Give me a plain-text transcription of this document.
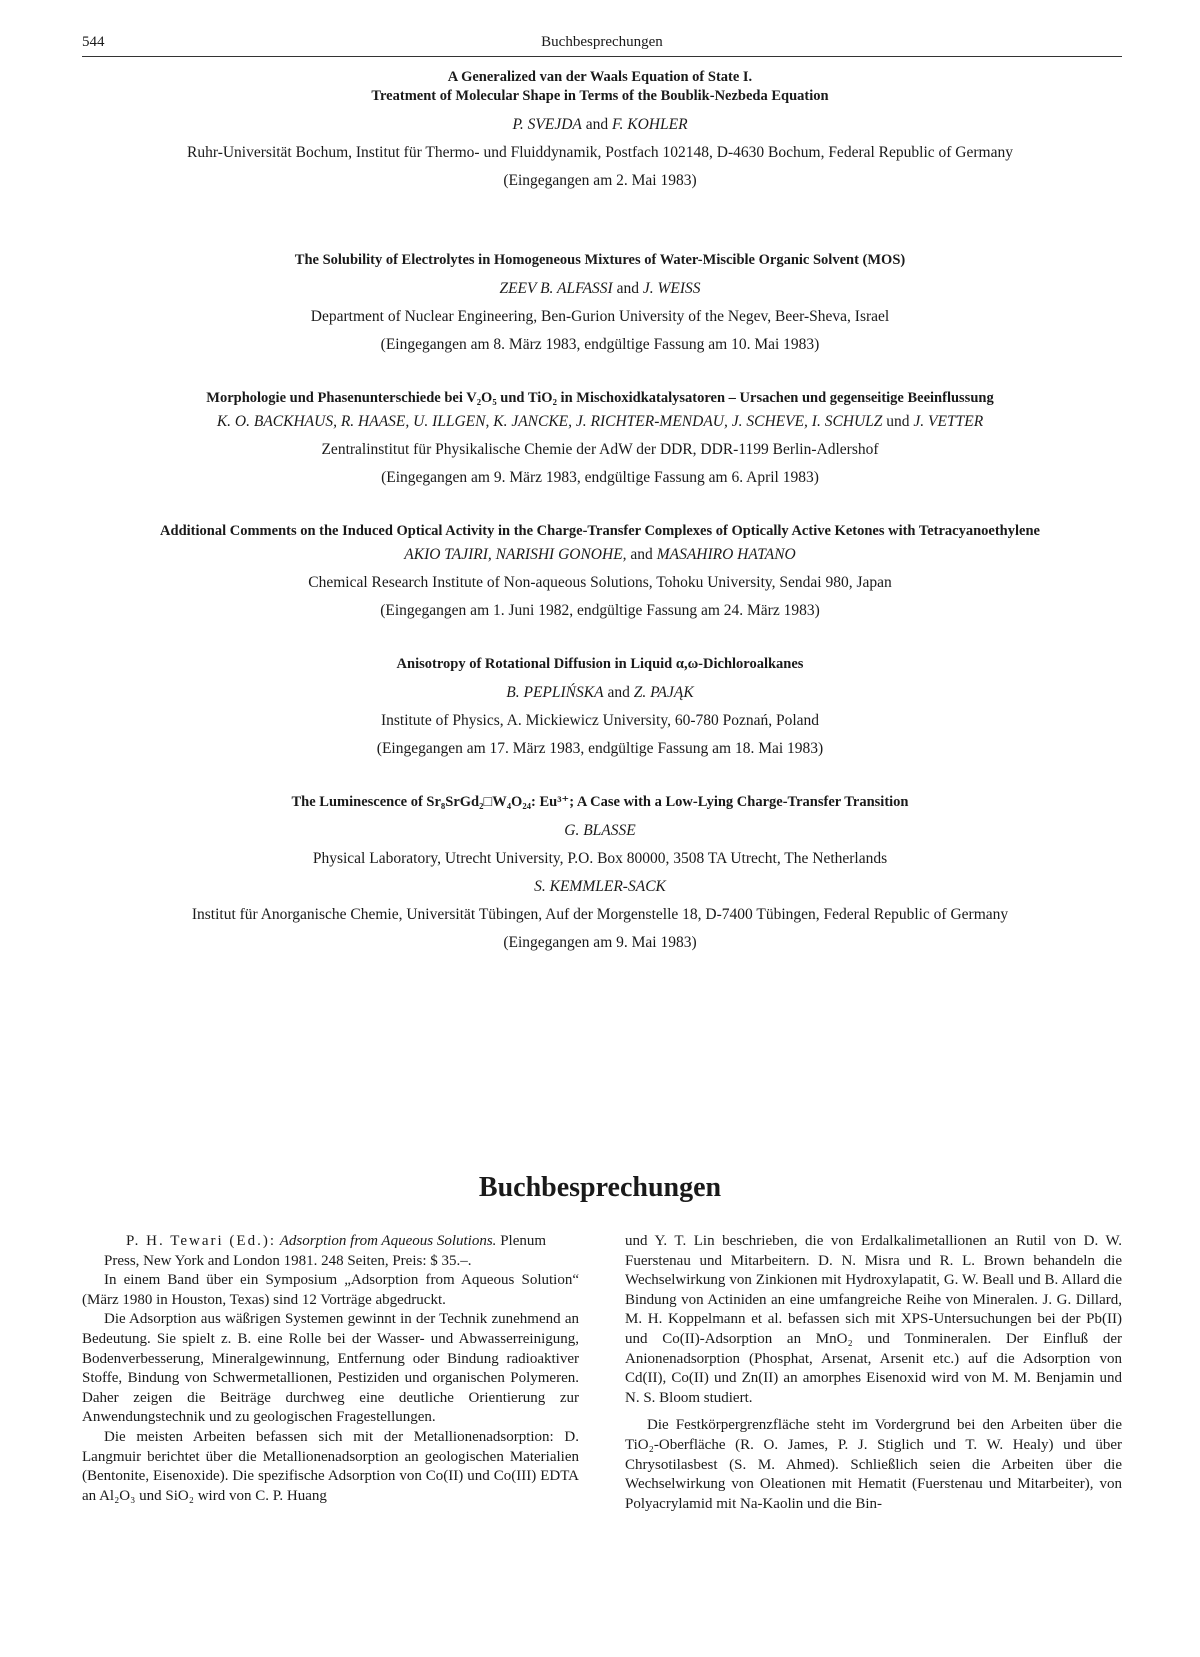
544	Buchbesprechungen
A Generalized van der Waals Equation of State I.
Treatment of Molecular Shape in Terms of the Boublik-Nezbeda Equation
P. SVEJDA and F. KOHLER
Ruhr-Universität Bochum, Institut für Thermo- und Fluiddynamik, Postfach 102148, D-4630 Bochum, Federal Republic of Germany
(Eingegangen am 2. Mai 1983)
The Solubility of Electrolytes in Homogeneous Mixtures of Water-Miscible Organic Solvent (MOS)
ZEEV B. ALFASSI and J. WEISS
Department of Nuclear Engineering, Ben-Gurion University of the Negev, Beer-Sheva, Israel
(Eingegangen am 8. März 1983, endgültige Fassung am 10. Mai 1983)
Morphologie und Phasenunterschiede bei V₂O₅ und TiO₂ in Mischoxidkatalysatoren – Ursachen und gegenseitige Beeinflussung
K. O. BACKHAUS, R. HAASE, U. ILLGEN, K. JANCKE, J. RICHTER-MENDAU, J. SCHEVE, I. SCHULZ und J. VETTER
Zentralinstitut für Physikalische Chemie der AdW der DDR, DDR-1199 Berlin-Adlershof
(Eingegangen am 9. März 1983, endgültige Fassung am 6. April 1983)
Additional Comments on the Induced Optical Activity in the Charge-Transfer Complexes of Optically Active Ketones with Tetracyanoethylene
AKIO TAJIRI, NARISHI GONOHE, and MASAHIRO HATANO
Chemical Research Institute of Non-aqueous Solutions, Tohoku University, Sendai 980, Japan
(Eingegangen am 1. Juni 1982, endgültige Fassung am 24. März 1983)
Anisotropy of Rotational Diffusion in Liquid α,ω-Dichloroalkanes
B. PEPLIŃSKA and Z. PAJĄK
Institute of Physics, A. Mickiewicz University, 60-780 Poznań, Poland
(Eingegangen am 17. März 1983, endgültige Fassung am 18. Mai 1983)
The Luminescence of Sr₈SrGd₂□W₄O₂₄: Eu³⁺; A Case with a Low-Lying Charge-Transfer Transition
G. BLASSE
Physical Laboratory, Utrecht University, P.O. Box 80000, 3508 TA Utrecht, The Netherlands
S. KEMMLER-SACK
Institut für Anorganische Chemie, Universität Tübingen, Auf der Morgenstelle 18, D-7400 Tübingen, Federal Republic of Germany
(Eingegangen am 9. Mai 1983)
Buchbesprechungen

P. H. Tewari (Ed.): Adsorption from Aqueous Solutions. Plenum Press, New York and London 1981. 248 Seiten, Preis: $ 35.–.

In einem Band über ein Symposium „Adsorption from Aqueous Solution“ (März 1980 in Houston, Texas) sind 12 Vorträge abgedruckt.

Die Adsorption aus wäßrigen Systemen gewinnt in der Technik zunehmend an Bedeutung. Sie spielt z. B. eine Rolle bei der Wasser- und Abwasserreinigung, Bodenverbesserung, Mineralgewinnung, Entfernung oder Bindung radioaktiver Stoffe, Bindung von Schwermetallionen, Pestiziden und organischen Polymeren. Daher zeigen die Beiträge durchweg eine deutliche Orientierung zur Anwendungstechnik und zu geologischen Fragestellungen.

Die meisten Arbeiten befassen sich mit der Metallionenadsorption: D. Langmuir berichtet über die Metallionenadsorption an geologischen Materialien (Bentonite, Eisenoxide). Die spezifische Adsorption von Co(II) und Co(III) EDTA an Al₂O₃ und SiO₂ wird von C. P. Huang

und Y. T. Lin beschrieben, die von Erdalkalimetallionen an Rutil von D. W. Fuerstenau und Mitarbeitern. D. N. Misra und R. L. Brown behandeln die Wechselwirkung von Zinkionen mit Hydroxylapatit, G. W. Beall und B. Allard die Bindung von Actiniden an eine umfangreiche Reihe von Mineralen. J. G. Dillard, M. H. Koppelmann et al. befassen sich mit XPS-Untersuchungen bei der Pb(II) und Co(II)-Adsorption an MnO₂ und Tonmineralen. Der Einfluß der Anionenadsorption (Phosphat, Arsenat, Arsenit etc.) auf die Adsorption von Cd(II), Co(II) und Zn(II) an amorphes Eisenoxid wird von M. M. Benjamin und N. S. Bloom studiert.

Die Festkörpergrenzfläche steht im Vordergrund bei den Arbeiten über die TiO₂-Oberfläche (R. O. James, P. J. Stiglich und T. W. Healy) und über Chrysotilasbest (S. M. Ahmed). Schließlich seien die Arbeiten über die Wechselwirkung von Oleationen mit Hematit (Fuerstenau und Mitarbeiter), von Polyacrylamid mit Na-Kaolin und die Bin-
